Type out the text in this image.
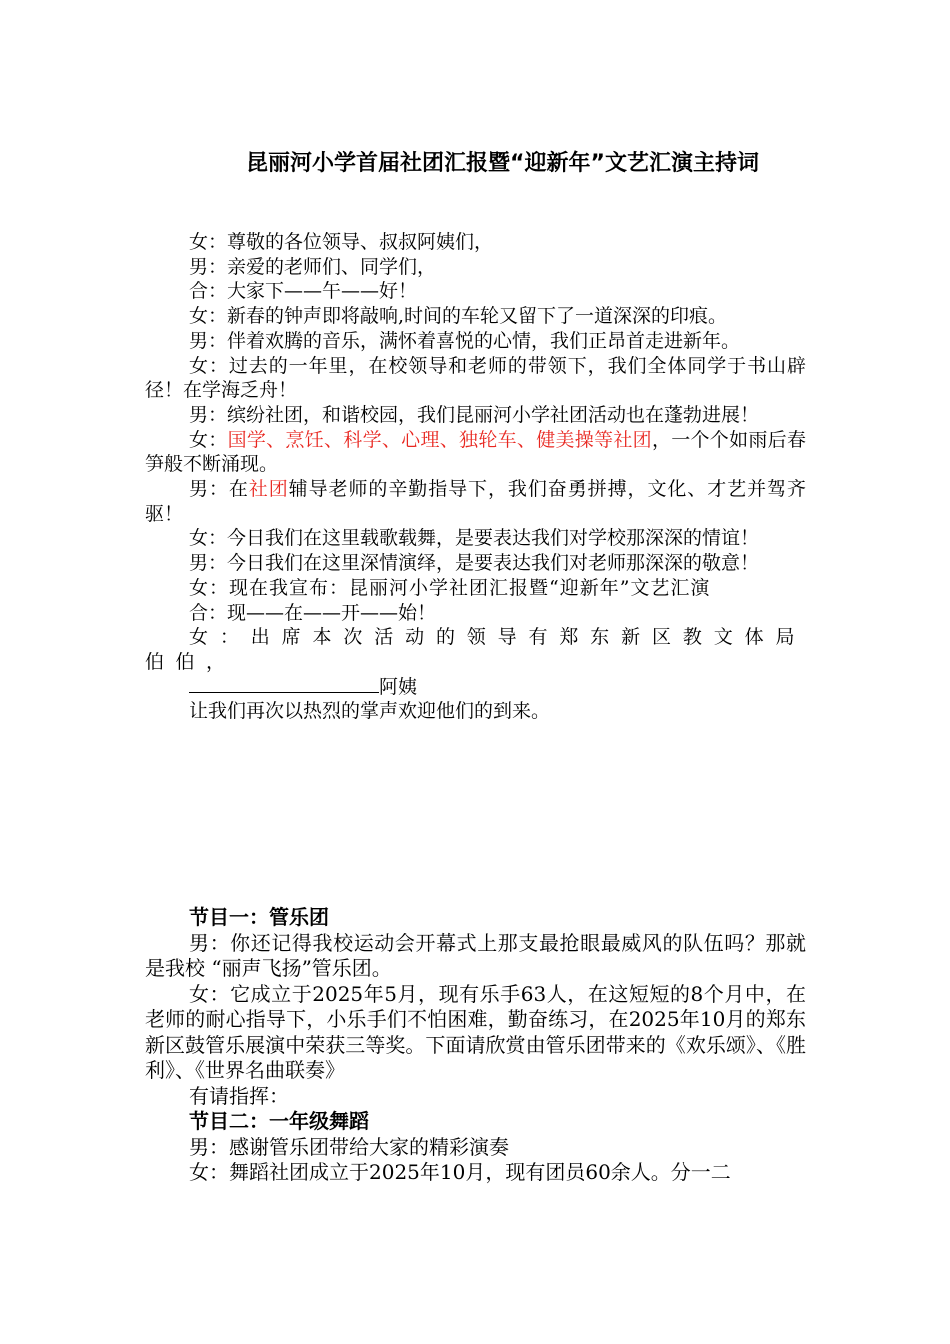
昆丽河小学首届社团汇报暨“迎新年”文艺汇演主持词

女：尊敬的各位领导、叔叔阿姨们，

男：亲爱的老师们、同学们，

合：大家下——午——好！

女：新春的钟声即将敲响,时间的车轮又留下了一道深深的印痕。

男：伴着欢腾的音乐，满怀着喜悦的心情，我们正昂首走进新年。

女：过去的一年里，在校领导和老师的带领下，我们全体同学于书山辟径！在学海乏舟！

男：缤纷社团，和谐校园，我们昆丽河小学社团活动也在蓬勃进展！

女：国学、烹饪、科学、心理、独轮车、健美操等社团，一个个如雨后春笋般不断涌现。

男：在社团辅导老师的辛勤指导下，我们奋勇拼搏，文化、才艺并驾齐驱！

女：今日我们在这里载歌载舞，是要表达我们对学校那深深的情谊！

男：今日我们在这里深情演绎，是要表达我们对老师那深深的敬意！

女：现在我宣布：昆丽河小学社团汇报暨“迎新年”文艺汇演

合：现——在——开——始！

女：出席本次活动的领导有郑东新区教文体局伯伯，

阿姨

让我们再次以热烈的掌声欢迎他们的到来。

节目一：管乐团

男：你还记得我校运动会开幕式上那支最抢眼最威风的队伍吗？那就是我校 “丽声飞扬”管乐团。

女：它成立于2025年5月，现有乐手63人，在这短短的8个月中，在老师的耐心指导下，小乐手们不怕困难，勤奋练习，在2025年10月的郑东新区鼓管乐展演中荣获三等奖。下面请欣赏由管乐团带来的《欢乐颂》、《胜利》、《世界名曲联奏》

有请指挥：

节目二：一年级舞蹈

男：感谢管乐团带给大家的精彩演奏

女：舞蹈社团成立于2025年10月，现有团员60余人。分一二
